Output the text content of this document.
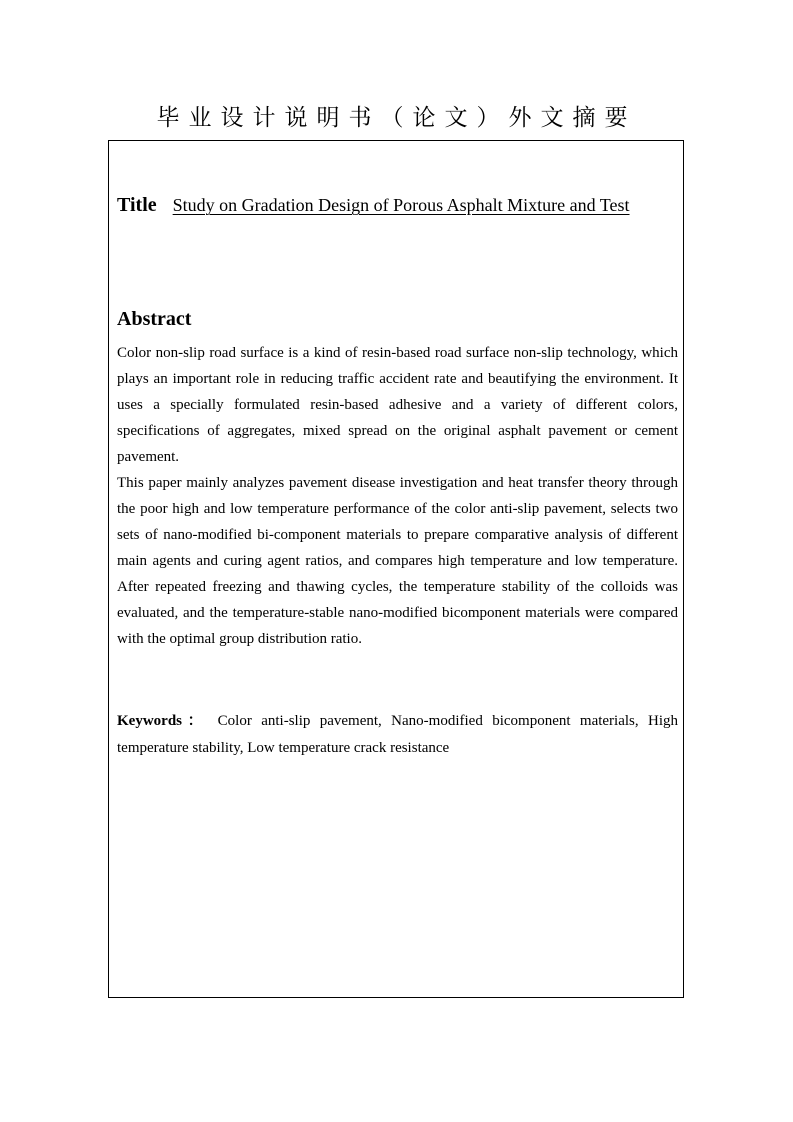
毕业设计说明书（论文）外文摘要
Title Study on Gradation Design of Porous Asphalt Mixture and Test
Abstract

Color non-slip road surface is a kind of resin-based road surface non-slip technology, which plays an important role in reducing traffic accident rate and beautifying the environment. It uses a specially formulated resin-based adhesive and a variety of different colors, specifications of aggregates, mixed spread on the original asphalt pavement or cement pavement.

This paper mainly analyzes pavement disease investigation and heat transfer theory through the poor high and low temperature performance of the color anti-slip pavement, selects two sets of nano-modified bi-component materials to prepare comparative analysis of different main agents and curing agent ratios, and compares high temperature and low temperature. After repeated freezing and thawing cycles, the temperature stability of the colloids was evaluated, and the temperature-stable nano-modified bicomponent materials were compared with the optimal group distribution ratio.

Keywords： Color anti-slip pavement, Nano-modified bicomponent materials, High temperature stability, Low temperature crack resistance
